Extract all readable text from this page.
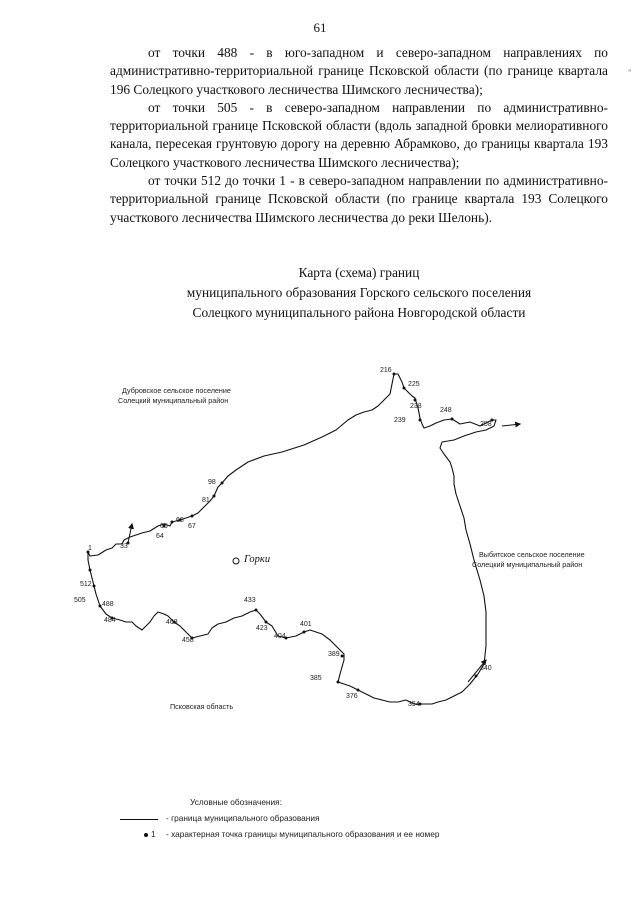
61

от точки 488 - в юго-западном и северо-западном направлениях по административно-территориальной границе Псковской области (по границе квартала 196 Солецкого участкового лесничества Шимского лесничества);

от точки 505 - в северо-западном направлении по административно-территориальной границе Псковской области (вдоль западной бровки мелиоративного канала, пересекая грунтовую дорогу на деревню Абрамково, до границы квартала 193 Солецкого участкового лесничества Шимского лесничества);

от точки 512 до точки 1 - в северо-западном направлении по административно-территориальной границе Псковской области (по границе квартала 193 Солецкого участкового лесничества Шимского лесничества до реки Шелонь).

Карта (схема) границ
муниципального образования Горского сельского поселения
Солецкого муниципального района Новгородской области
Дубровское сельское поселение
Солецкий муниципальный район
Выбитское сельское поселение
Солецкий муниципальный район
Псковская область
Горки
216
225
238
239
248
258
340
354
376
385
389
401
404
423
433
458
463
484
488
505
512
1	33
64
65
66
67
81
98
Условные обозначения:
- граница муниципального образования
1 - характерная точка границы муниципального образования и ее номер
"
